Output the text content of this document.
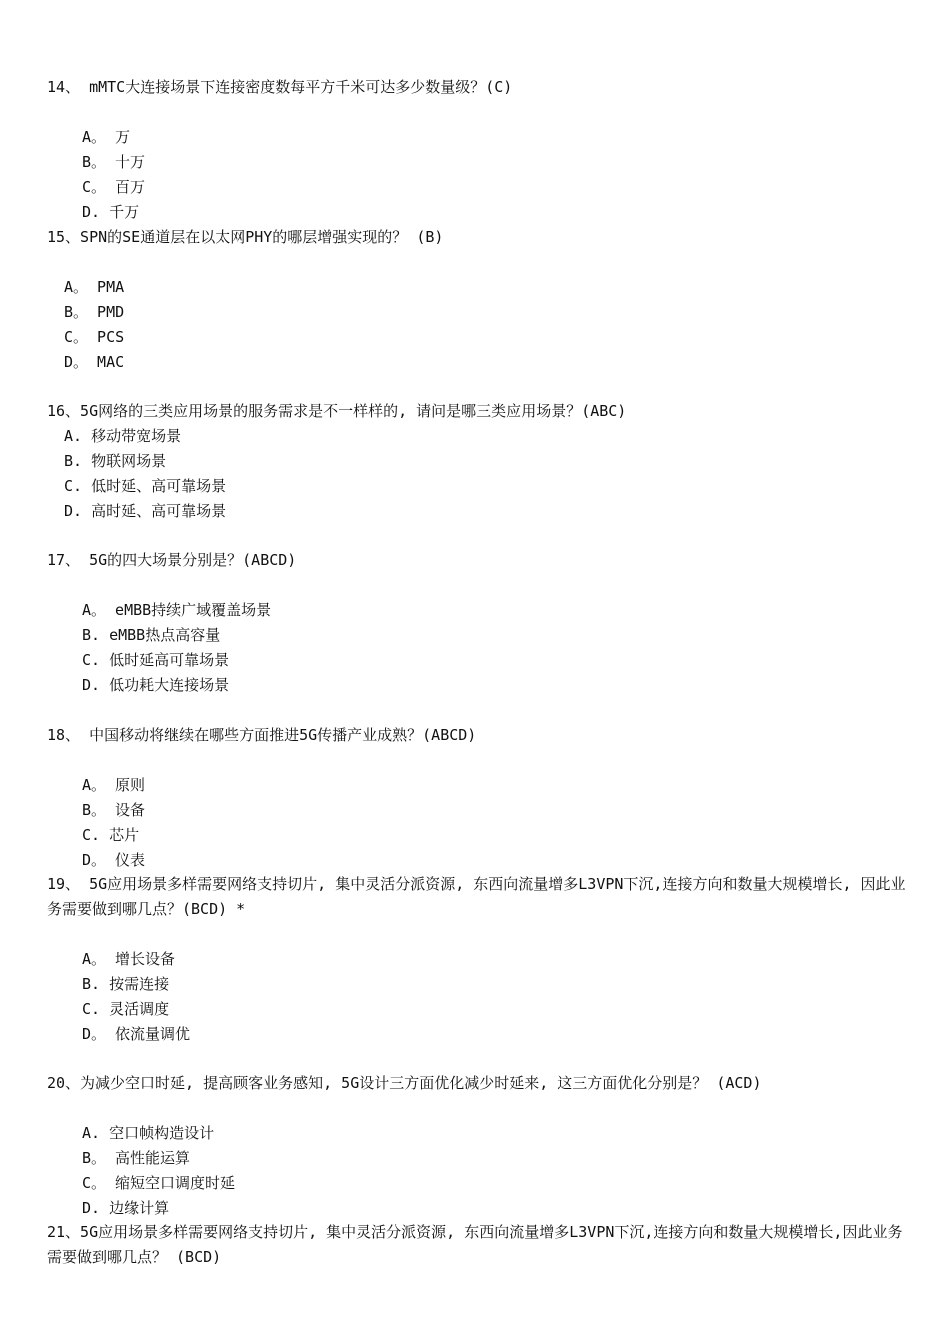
14、 mMTC大连接场景下连接密度数每平方千米可达多少数量级？(C)
A。 万
B。 十万
C。 百万
D. 千万
15、SPN的SE通道层在以太网PHY的哪层增强实现的？ (B)
A。 PMA
B。 PMD
C。 PCS
D。 MAC
16、5G网络的三类应用场景的服务需求是不一样样的, 请问是哪三类应用场景？(ABC)
A. 移动带宽场景
B. 物联网场景
C. 低时延、高可靠场景
D. 高时延、高可靠场景
17、 5G的四大场景分别是？(ABCD)
A。 eMBB持续广域覆盖场景
B. eMBB热点高容量
C. 低时延高可靠场景
D. 低功耗大连接场景
18、 中国移动将继续在哪些方面推进5G传播产业成熟？(ABCD)
A。 原则
B。 设备
C. 芯片
D。 仪表
19、 5G应用场景多样需要网络支持切片, 集中灵活分派资源, 东西向流量增多L3VPN下沉,连接方向和数量大规模增长, 因此业务需要做到哪几点？(BCD) *
A。 增长设备
B. 按需连接
C. 灵活调度
D。 依流量调优
20、为减少空口时延, 提高顾客业务感知, 5G设计三方面优化减少时延来, 这三方面优化分别是？ (ACD)
A. 空口帧构造设计
B。 高性能运算
C。 缩短空口调度时延
D. 边缘计算
21、5G应用场景多样需要网络支持切片, 集中灵活分派资源, 东西向流量增多L3VPN下沉,连接方向和数量大规模增长,因此业务需要做到哪几点？ (BCD)
